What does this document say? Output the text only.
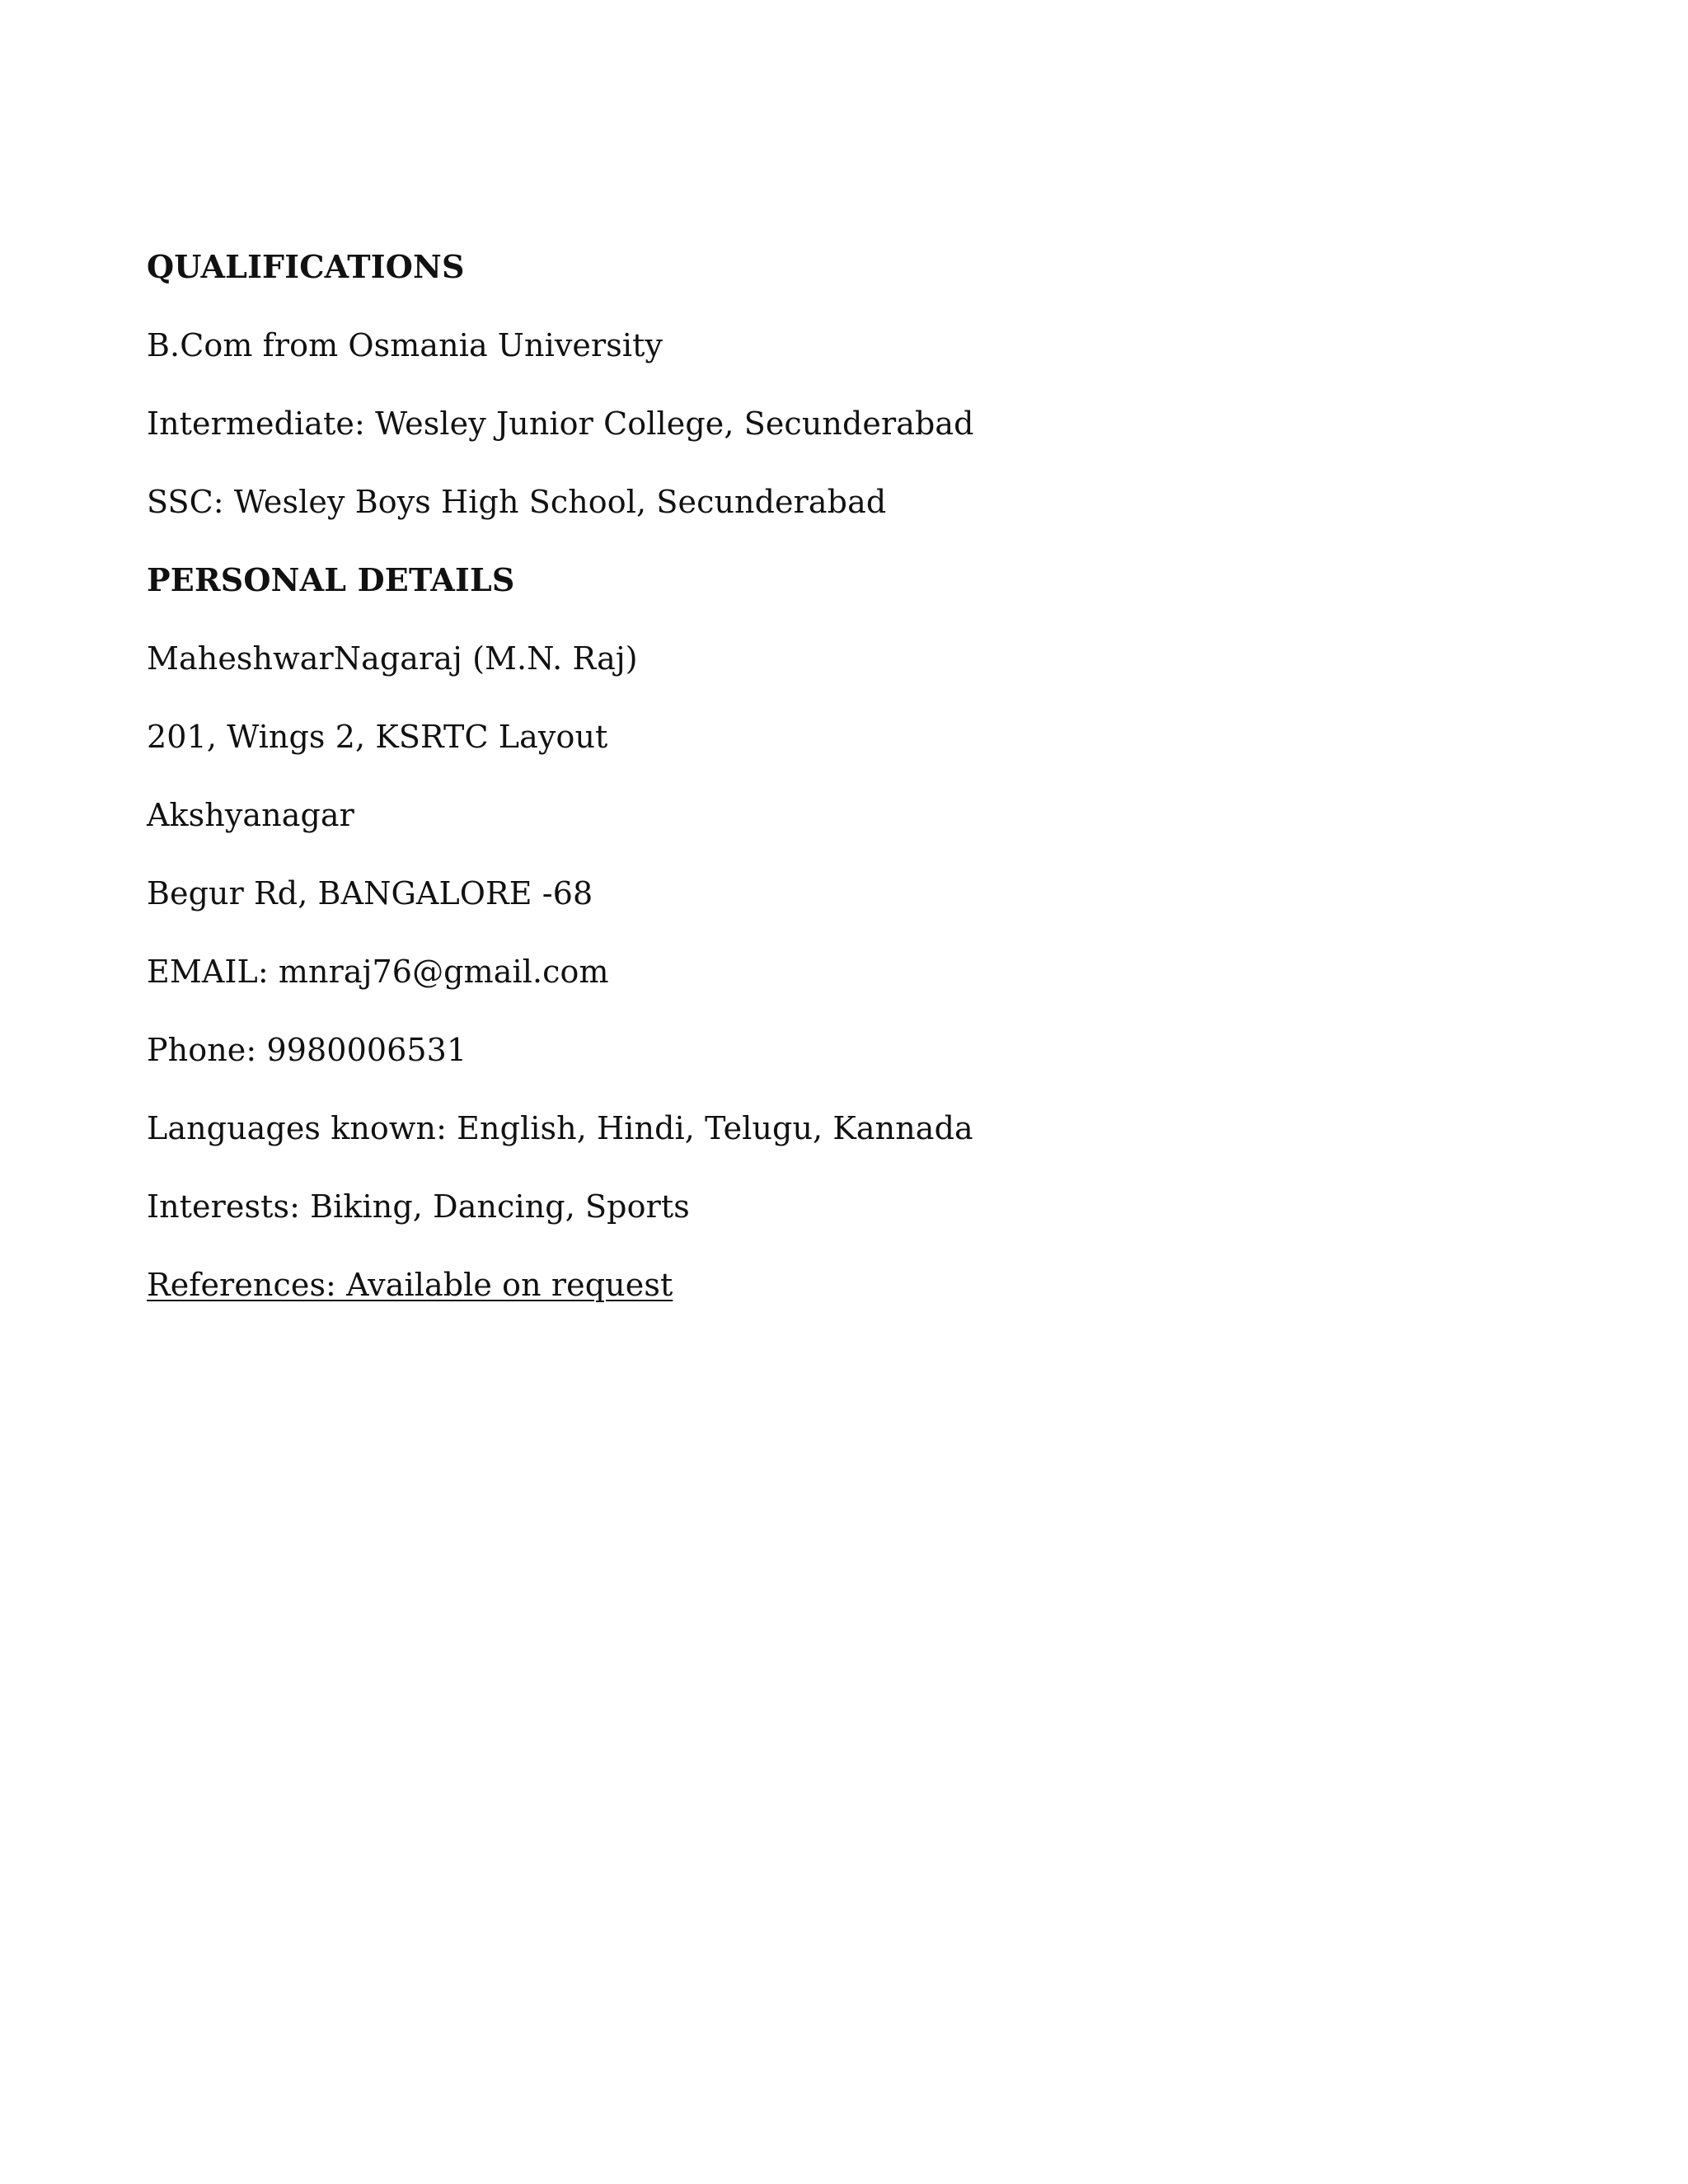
QUALIFICATIONS
B.Com from Osmania University
Intermediate: Wesley Junior College, Secunderabad
SSC: Wesley Boys High School, Secunderabad
PERSONAL DETAILS
MaheshwarNagaraj (M.N. Raj)
201, Wings 2, KSRTC Layout
Akshyanagar
Begur Rd, BANGALORE -68
EMAIL: mnraj76@gmail.com
Phone: 9980006531
Languages known: English, Hindi, Telugu, Kannada
Interests: Biking, Dancing, Sports
References: Available on request
